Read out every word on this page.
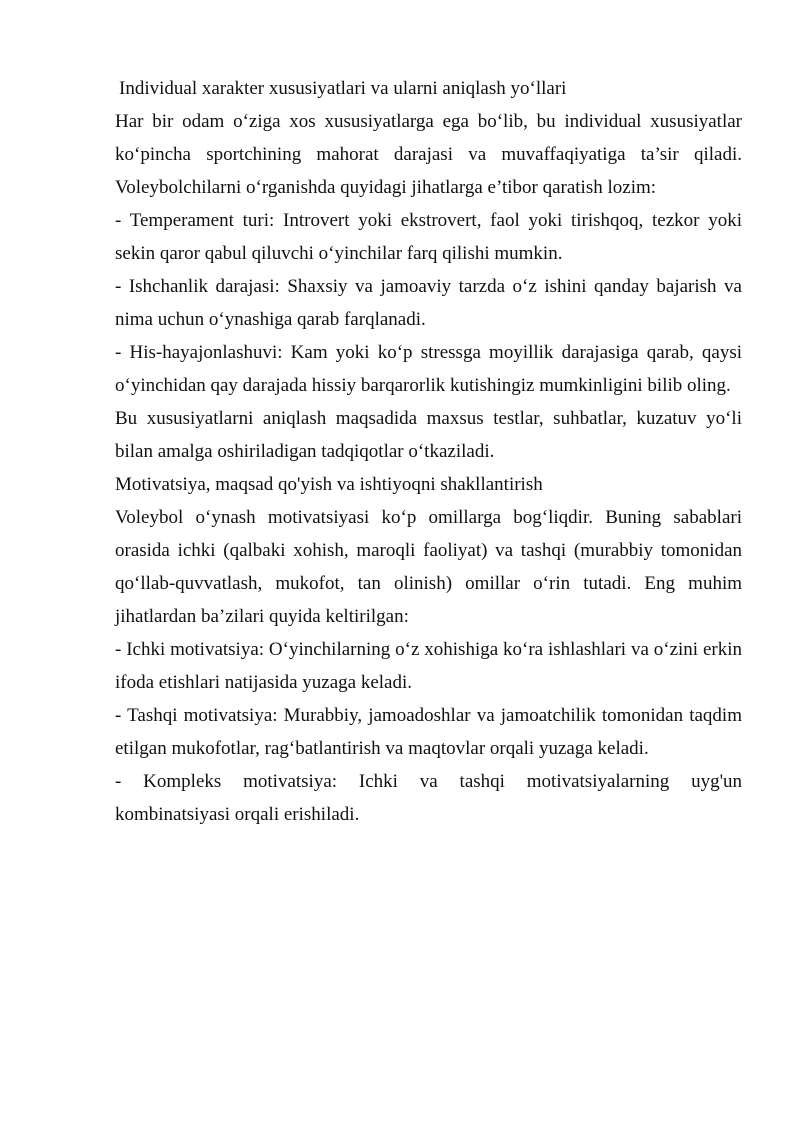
Individual xarakter xususiyatlari va ularni aniqlash yo‘llari

Har bir odam o‘ziga xos xususiyatlarga ega bo‘lib, bu individual xususiyatlar ko‘pincha sportchining mahorat darajasi va muvaffaqiyatiga ta’sir qiladi. Voleybolchilarni o‘rganishda quyidagi jihatlarga e’tibor qaratish lozim:

- Temperament turi: Introvert yoki ekstrovert, faol yoki tirishqoq, tezkor yoki sekin qaror qabul qiluvchi o‘yinchilar farq qilishi mumkin.

- Ishchanlik darajasi: Shaxsiy va jamoaviy tarzda o‘z ishini qanday bajarish va nima uchun o‘ynashiga qarab farqlanadi.

- His-hayajonlashuvi: Kam yoki ko‘p stressga moyillik darajasiga qarab, qaysi o‘yinchidan qay darajada hissiy barqarorlik kutishingiz mumkinligini bilib oling.

Bu xususiyatlarni aniqlash maqsadida maxsus testlar, suhbatlar, kuzatuv yo‘li bilan amalga oshiriladigan tadqiqotlar o‘tkaziladi.

Motivatsiya, maqsad qo'yish va ishtiyoqni shakllantirish

Voleybol o‘ynash motivatsiyasi ko‘p omillarga bog‘liqdir. Buning sabablari orasida ichki (qalbaki xohish, maroqli faoliyat) va tashqi (murabbiy tomonidan qo‘llab-quvvatlash, mukofot, tan olinish) omillar o‘rin tutadi. Eng muhim jihatlardan ba’zilari quyida keltirilgan:

- Ichki motivatsiya: O‘yinchilarning o‘z xohishiga ko‘ra ishlashlari va o‘zini erkin ifoda etishlari natijasida yuzaga keladi.

- Tashqi motivatsiya: Murabbiy, jamoadoshlar va jamoatchilik tomonidan taqdim etilgan mukofotlar, rag‘batlantirish va maqtovlar orqali yuzaga keladi.

- Kompleks motivatsiya: Ichki va tashqi motivatsiyalarning uyg'un kombinatsiyasi orqali erishiladi.
